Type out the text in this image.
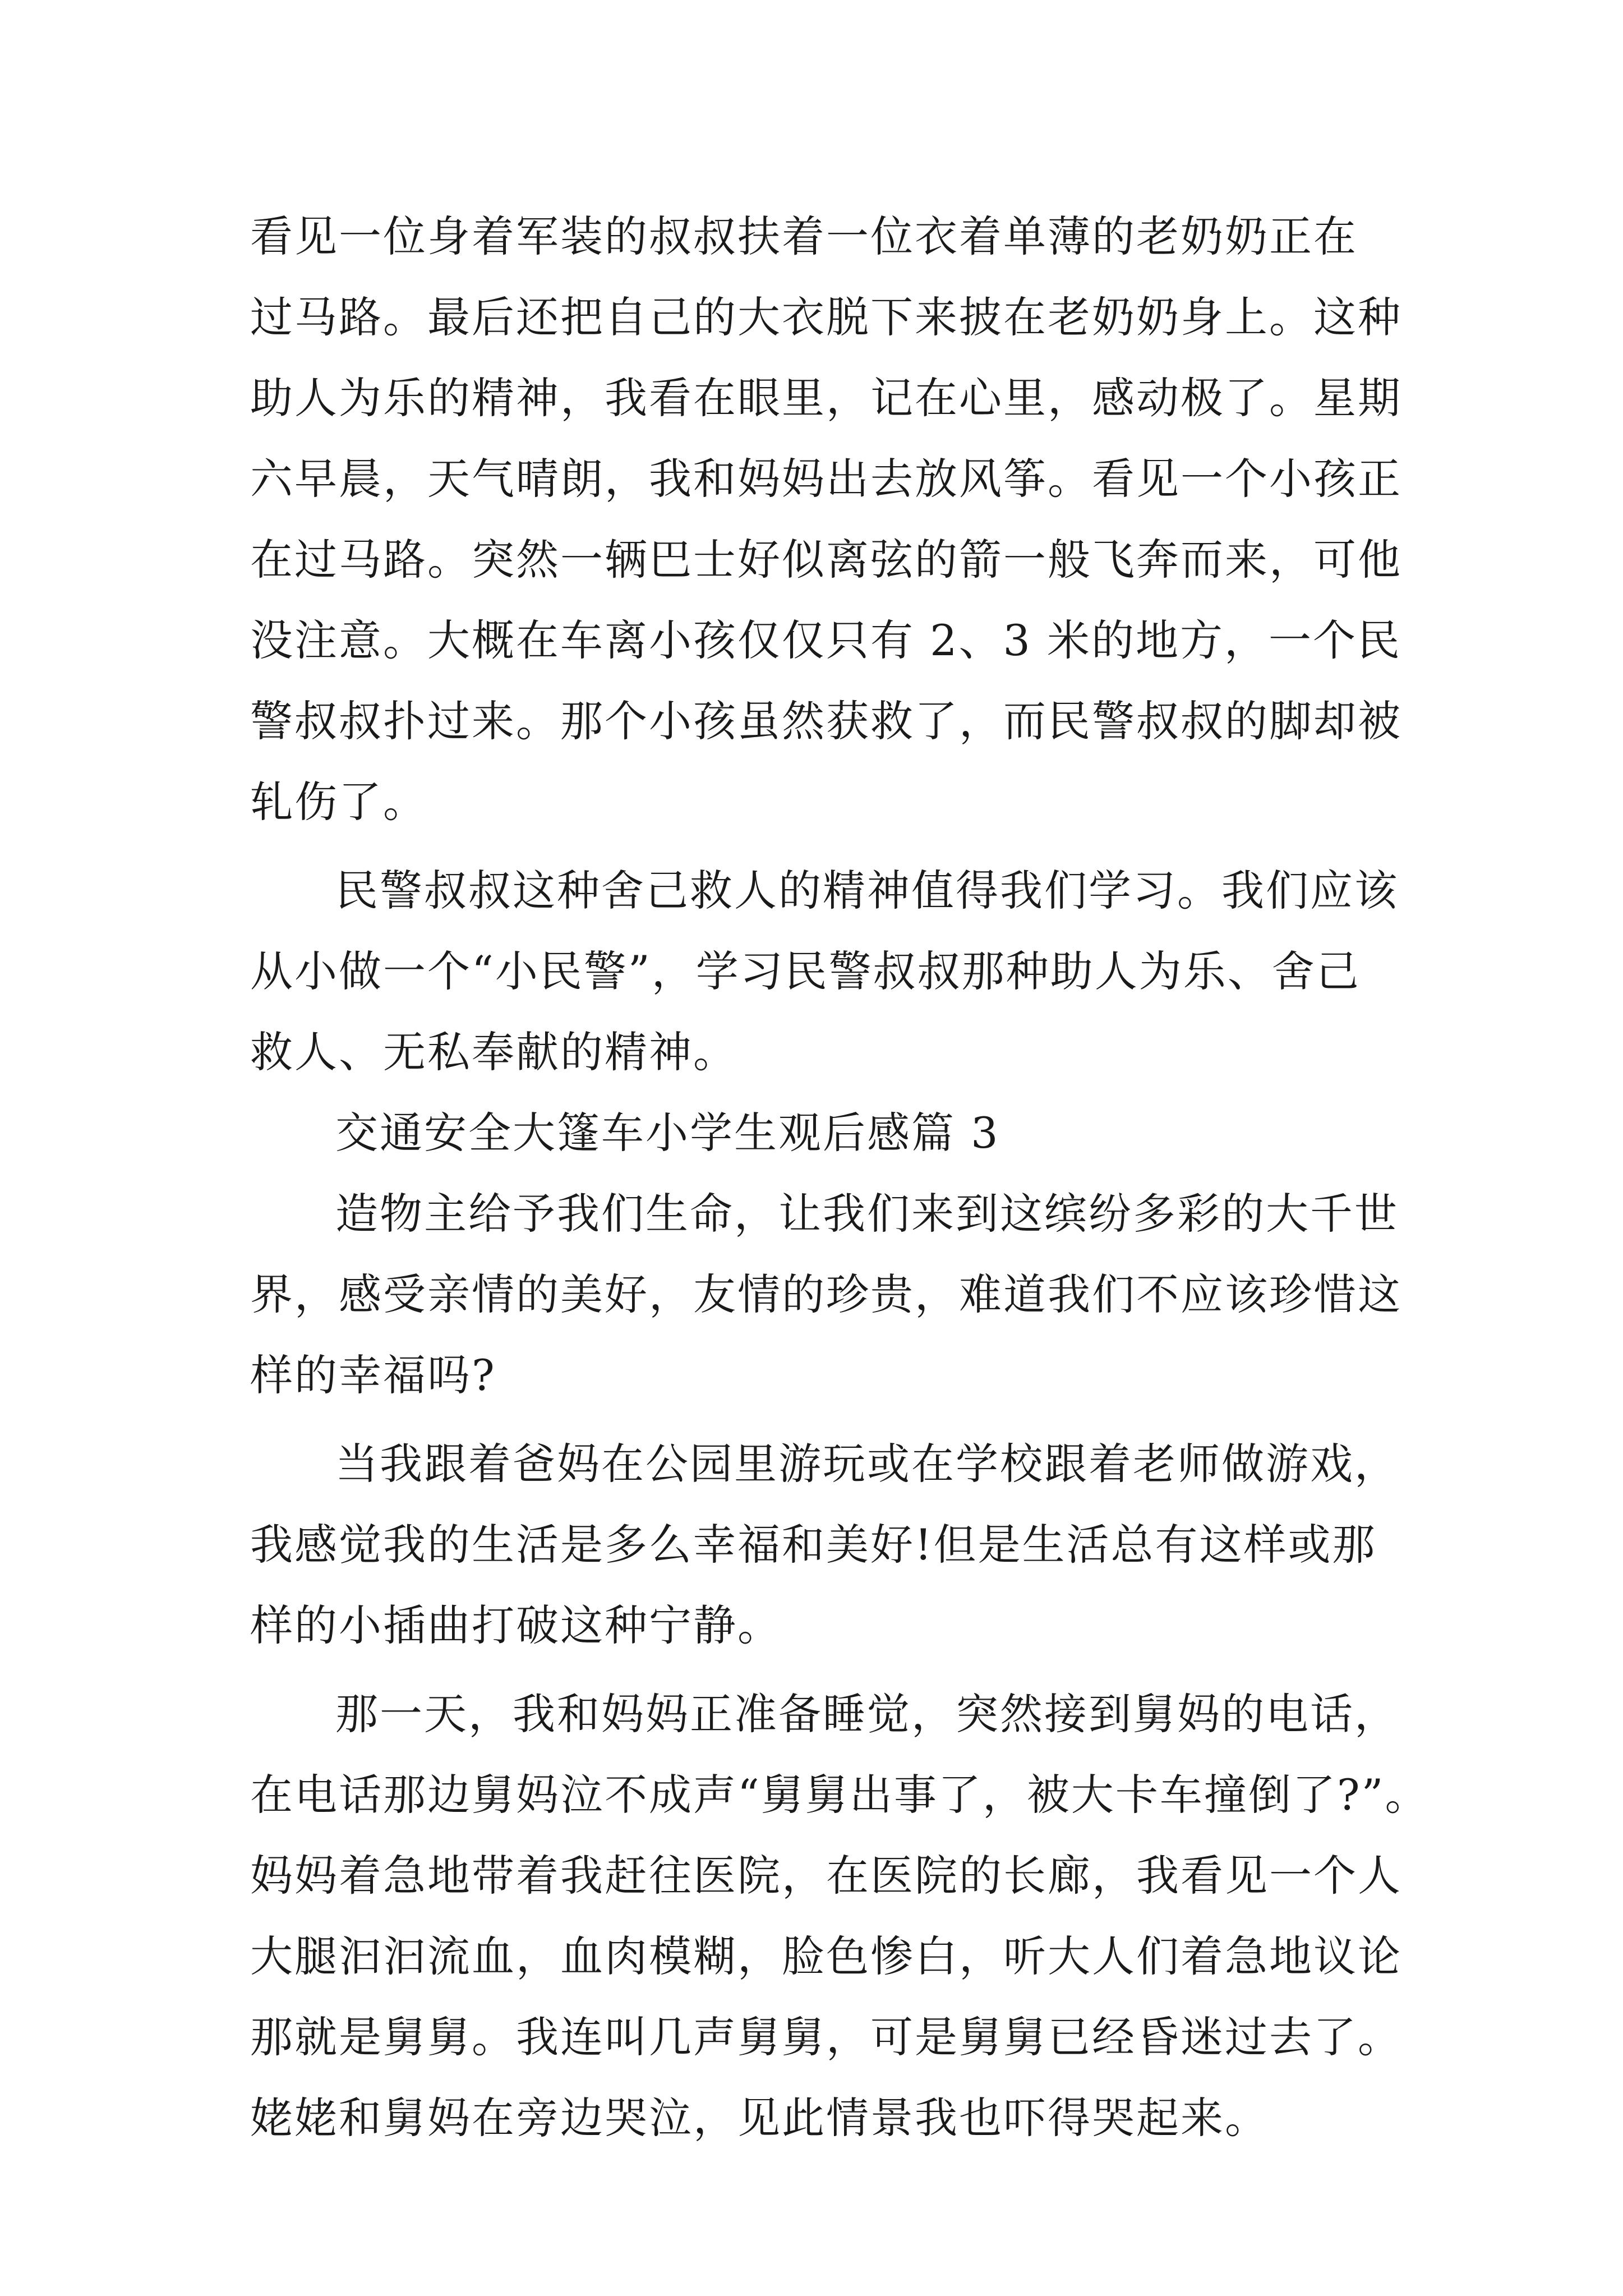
看见一位身着军装的叔叔扶着一位衣着单薄的老奶奶正在
过马路。最后还把自己的大衣脱下来披在老奶奶身上。这种
助人为乐的精神，我看在眼里，记在心里，感动极了。星期
六早晨，天气晴朗，我和妈妈出去放风筝。看见一个小孩正
在过马路。突然一辆巴士好似离弦的箭一般飞奔而来，可他
没注意。大概在车离小孩仅仅只有 2、3 米的地方，一个民
警叔叔扑过来。那个小孩虽然获救了，而民警叔叔的脚却被
轧伤了。
民警叔叔这种舍己救人的精神值得我们学习。我们应该
从小做一个“小民警”，学习民警叔叔那种助人为乐、舍己
救人、无私奉献的精神。
交通安全大篷车小学生观后感篇 3
造物主给予我们生命，让我们来到这缤纷多彩的大千世
界，感受亲情的美好，友情的珍贵，难道我们不应该珍惜这
样的幸福吗?
当我跟着爸妈在公园里游玩或在学校跟着老师做游戏，
我感觉我的生活是多么幸福和美好!但是生活总有这样或那
样的小插曲打破这种宁静。
那一天，我和妈妈正准备睡觉，突然接到舅妈的电话，
在电话那边舅妈泣不成声“舅舅出事了，被大卡车撞倒了?”。
妈妈着急地带着我赶往医院，在医院的长廊，我看见一个人
大腿汩汩流血，血肉模糊，脸色惨白，听大人们着急地议论
那就是舅舅。我连叫几声舅舅，可是舅舅已经昏迷过去了。
姥姥和舅妈在旁边哭泣，见此情景我也吓得哭起来。
